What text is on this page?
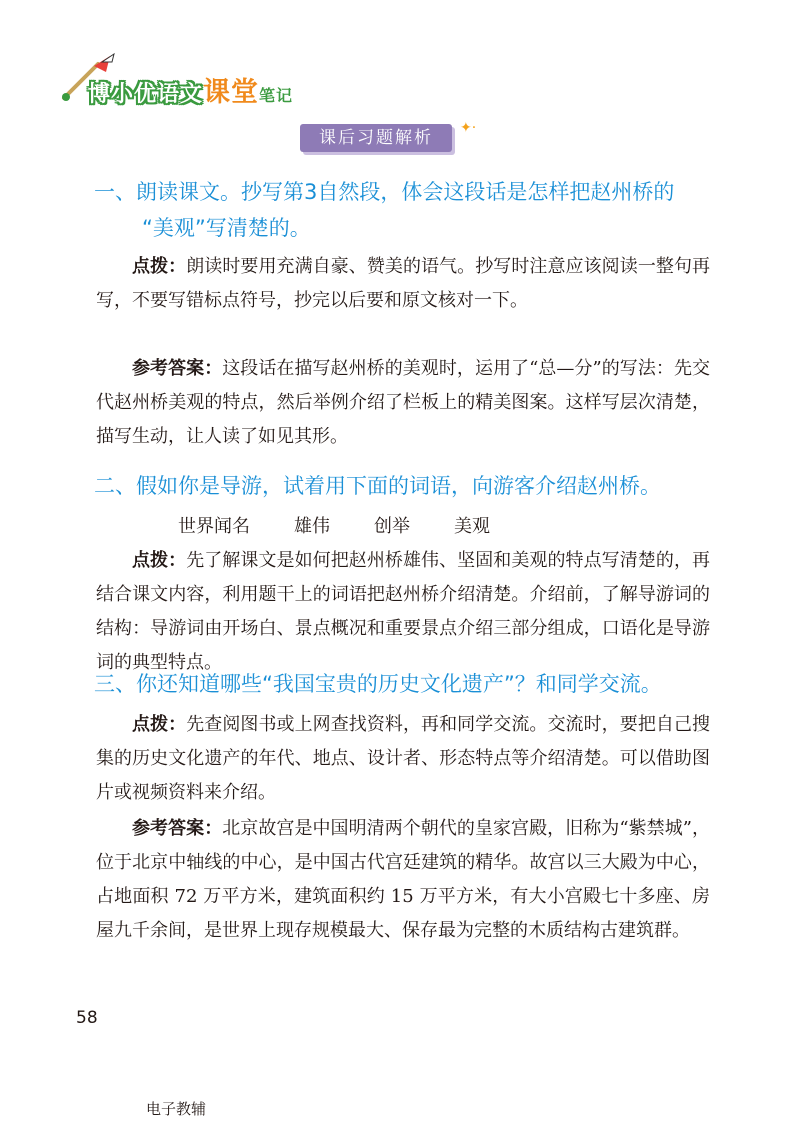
博小优语文课堂笔记
课后习题解析	✦·

一、朗读课文。抄写第3自然段，体会这段话是怎样把赵州桥的
“美观”写清楚的。

点拨：朗读时要用充满自豪、赞美的语气。抄写时注意应该阅读一整句再写，不要写错标点符号，抄完以后要和原文核对一下。

参考答案：这段话在描写赵州桥的美观时，运用了“总—分”的写法：先交代赵州桥美观的特点，然后举例介绍了栏板上的精美图案。这样写层次清楚，描写生动，让人读了如见其形。

二、假如你是导游，试着用下面的词语，向游客介绍赵州桥。

世界闻名 雄伟 创举 美观

点拨：先了解课文是如何把赵州桥雄伟、坚固和美观的特点写清楚的，再结合课文内容，利用题干上的词语把赵州桥介绍清楚。介绍前，了解导游词的结构：导游词由开场白、景点概况和重要景点介绍三部分组成，口语化是导游词的典型特点。

三、你还知道哪些“我国宝贵的历史文化遗产”？和同学交流。

点拨：先查阅图书或上网查找资料，再和同学交流。交流时，要把自己搜集的历史文化遗产的年代、地点、设计者、形态特点等介绍清楚。可以借助图片或视频资料来介绍。

参考答案：北京故宫是中国明清两个朝代的皇家宫殿，旧称为“紫禁城”，位于北京中轴线的中心，是中国古代宫廷建筑的精华。故宫以三大殿为中心，占地面积 72 万平方米，建筑面积约 15 万平方米，有大小宫殿七十多座、房屋九千余间，是世界上现存规模最大、保存最为完整的木质结构古建筑群。

58
电子教辅
